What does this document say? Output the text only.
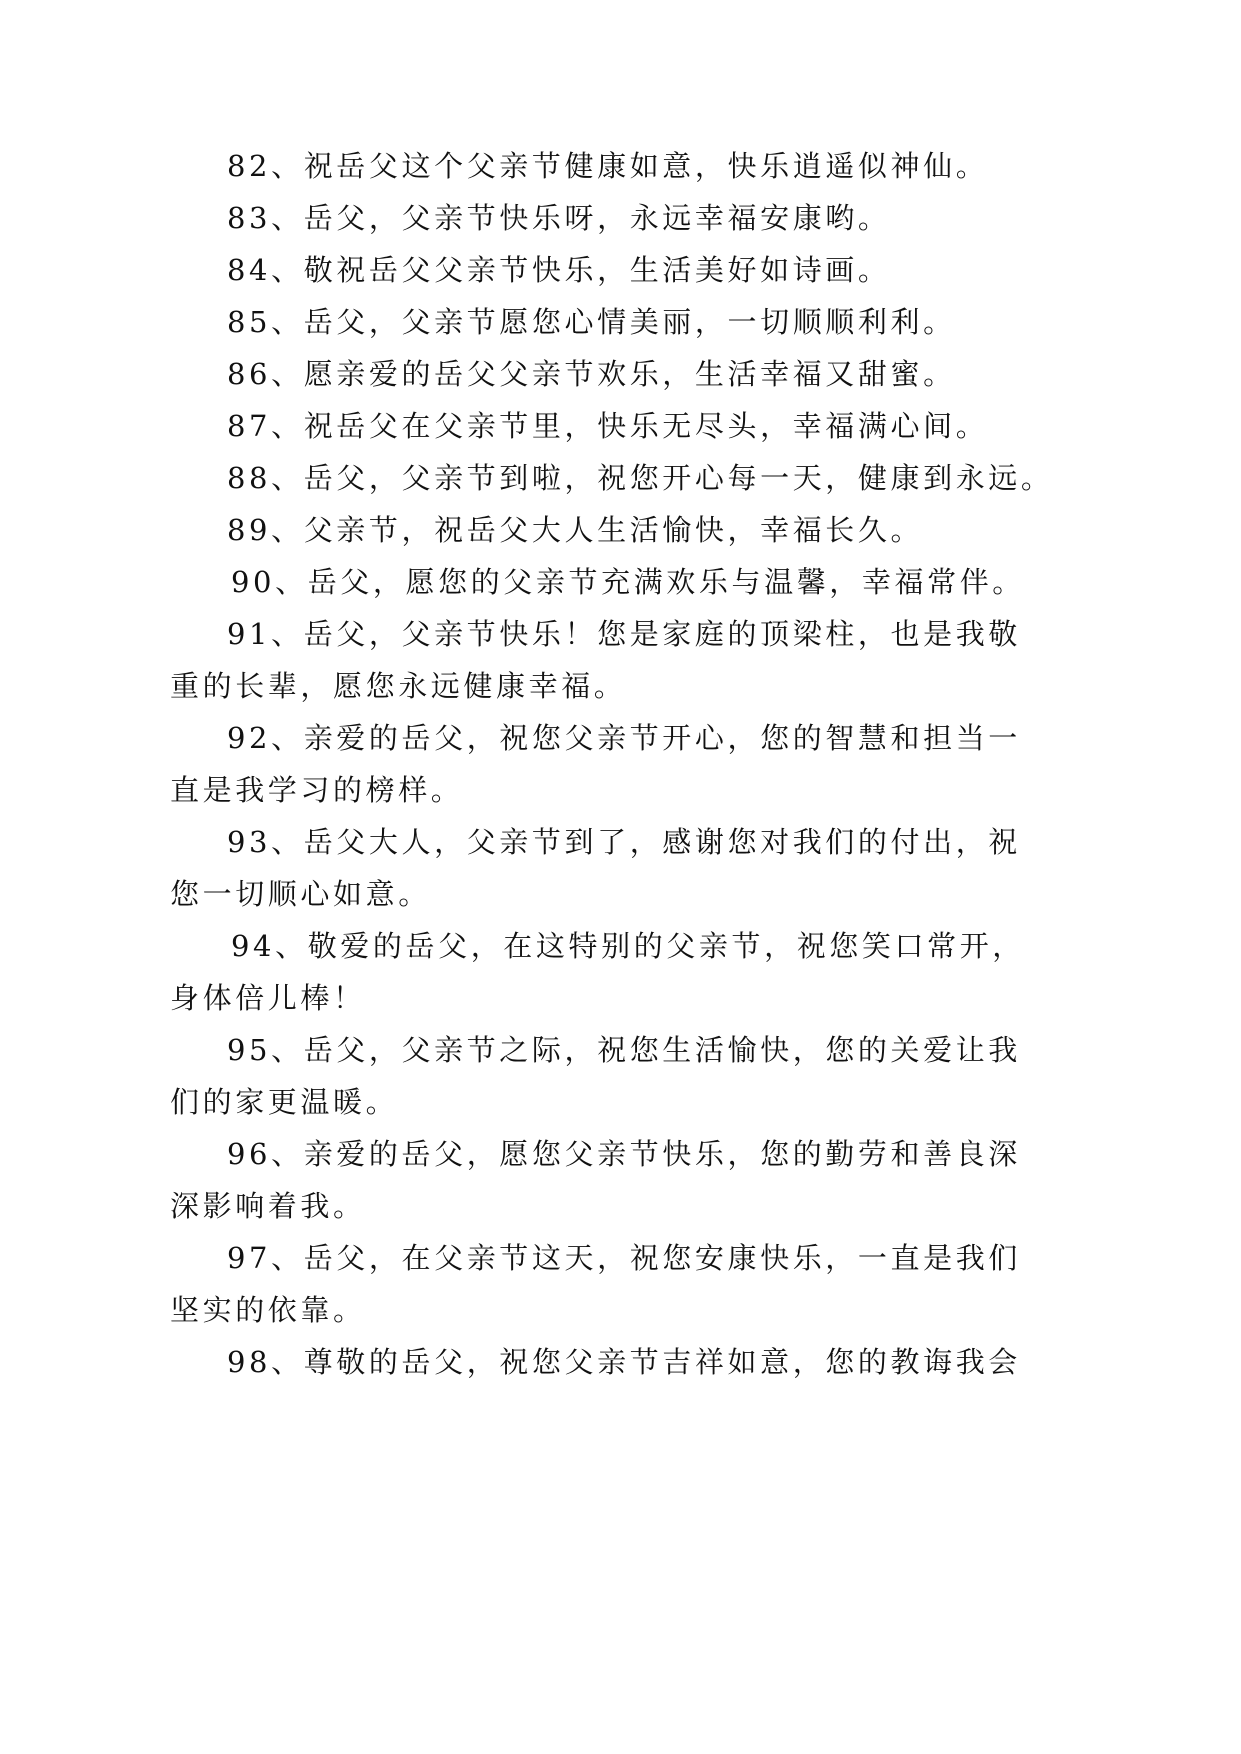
82、祝岳父这个父亲节健康如意，快乐逍遥似神仙。

83、岳父，父亲节快乐呀，永远幸福安康哟。

84、敬祝岳父父亲节快乐，生活美好如诗画。

85、岳父，父亲节愿您心情美丽，一切顺顺利利。

86、愿亲爱的岳父父亲节欢乐，生活幸福又甜蜜。

87、祝岳父在父亲节里，快乐无尽头，幸福满心间。

88、岳父，父亲节到啦，祝您开心每一天，健康到永远。

89、父亲节，祝岳父大人生活愉快，幸福长久。

90、岳父，愿您的父亲节充满欢乐与温馨，幸福常伴。

91、岳父，父亲节快乐！您是家庭的顶梁柱，也是我敬

重的长辈，愿您永远健康幸福。

92、亲爱的岳父，祝您父亲节开心，您的智慧和担当一

直是我学习的榜样。

93、岳父大人，父亲节到了，感谢您对我们的付出，祝

您一切顺心如意。

94、敬爱的岳父，在这特别的父亲节，祝您笑口常开，

身体倍儿棒！

95、岳父，父亲节之际，祝您生活愉快，您的关爱让我

们的家更温暖。

96、亲爱的岳父，愿您父亲节快乐，您的勤劳和善良深

深影响着我。

97、岳父，在父亲节这天，祝您安康快乐，一直是我们

坚实的依靠。

98、尊敬的岳父，祝您父亲节吉祥如意，您的教诲我会
